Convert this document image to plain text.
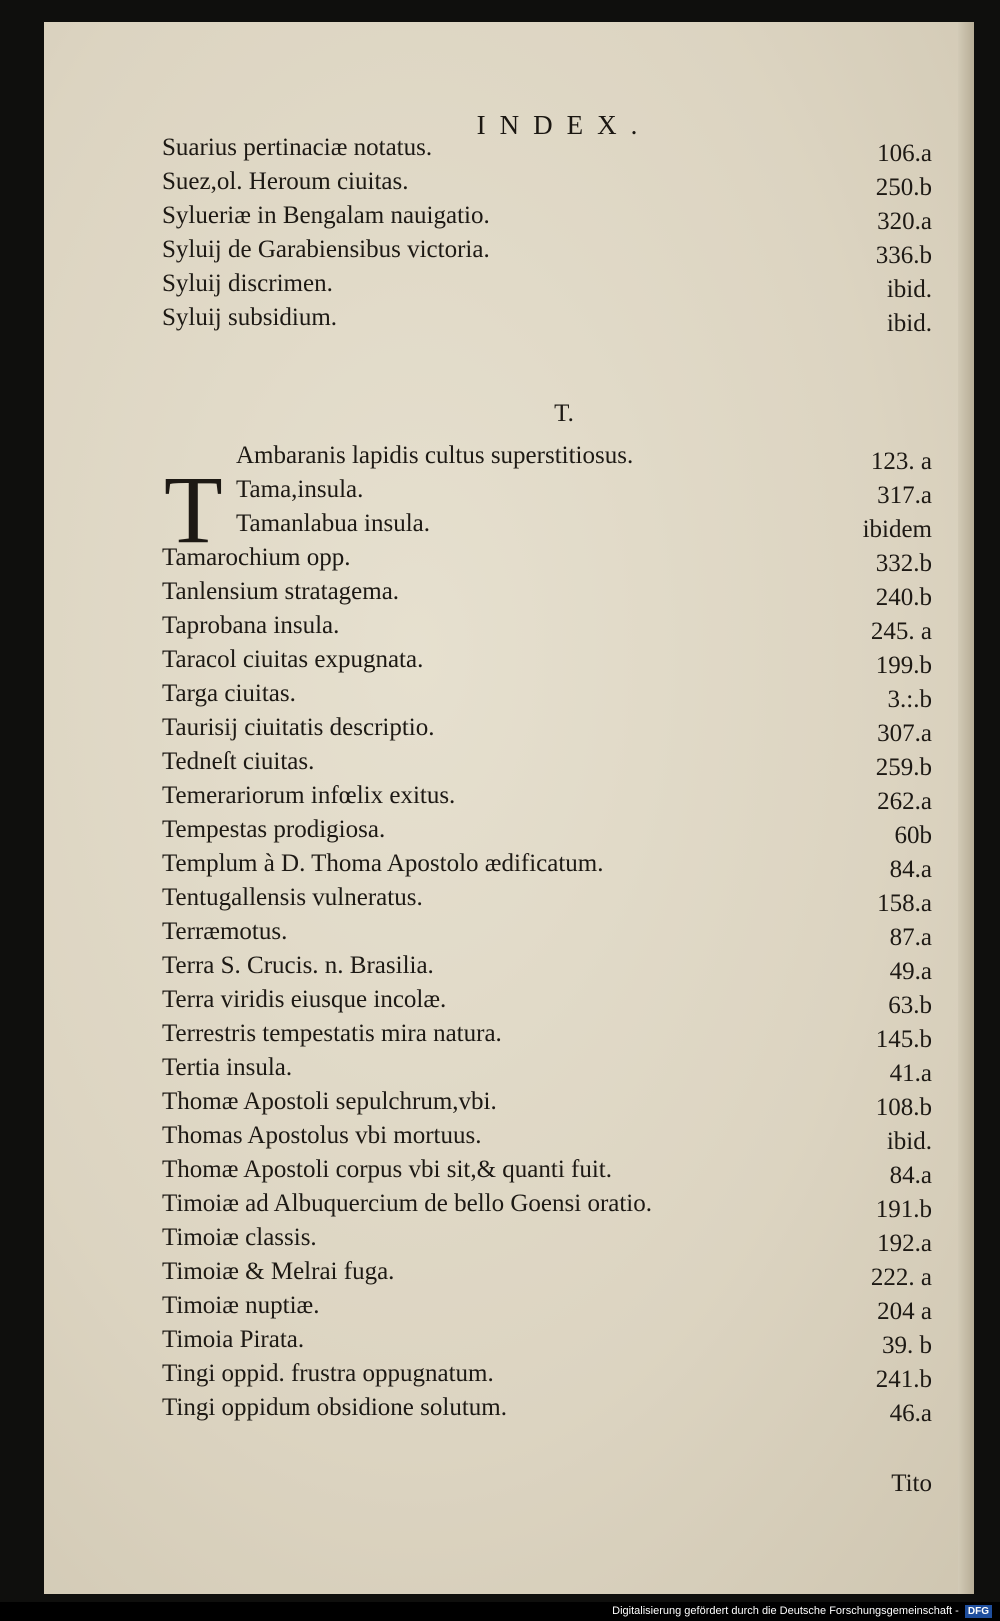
INDEX.
Suarius pertinaciæ notatus.	106.a
Suez,ol. Heroum ciuitas.	250.b
Sylueriæ in Bengalam nauigatio.	320.a
Syluij de Garabiensibus victoria.	336.b
Syluij discrimen.	ibid.
Syluij subsidium.	ibid.
T.
T
Ambaranis lapidis cultus superstitiosus.	123. a
Tama,insula.	317.a
Tamanlabua insula.	ibidem
Tamarochium opp.	332.b
Tanlensium stratagema.	240.b
Taprobana insula.	245. a
Taracol ciuitas expugnata.	199.b
Targa ciuitas.	3.:.b
Taurisij ciuitatis descriptio.	307.a
Tedneſt ciuitas.	259.b
Temerariorum infœlix exitus.	262.a
Tempestas prodigiosa.	60b
Templum à D. Thoma Apostolo ædificatum.	84.a
Tentugallensis vulneratus.	158.a
Terræmotus.	87.a
Terra S. Crucis. n. Brasilia.	49.a
Terra viridis eiusque incolæ.	63.b
Terrestris tempestatis mira natura.	145.b
Tertia insula.	41.a
Thomæ Apostoli sepulchrum,vbi.	108.b
Thomas Apostolus vbi mortuus.	ibid.
Thomæ Apostoli corpus vbi sit,& quanti fuit.	84.a
Timoiæ ad Albuquercium de bello Goensi oratio.	191.b
Timoiæ classis.	192.a
Timoiæ & Melrai fuga.	222. a
Timoiæ nuptiæ.	204 a
Timoia Pirata.	39. b
Tingi oppid. frustra oppugnatum.	241.b
Tingi oppidum obsidione solutum.	46.a
Tito
Digitalisierung gefördert durch die Deutsche Forschungsgemeinschaft - DFG
